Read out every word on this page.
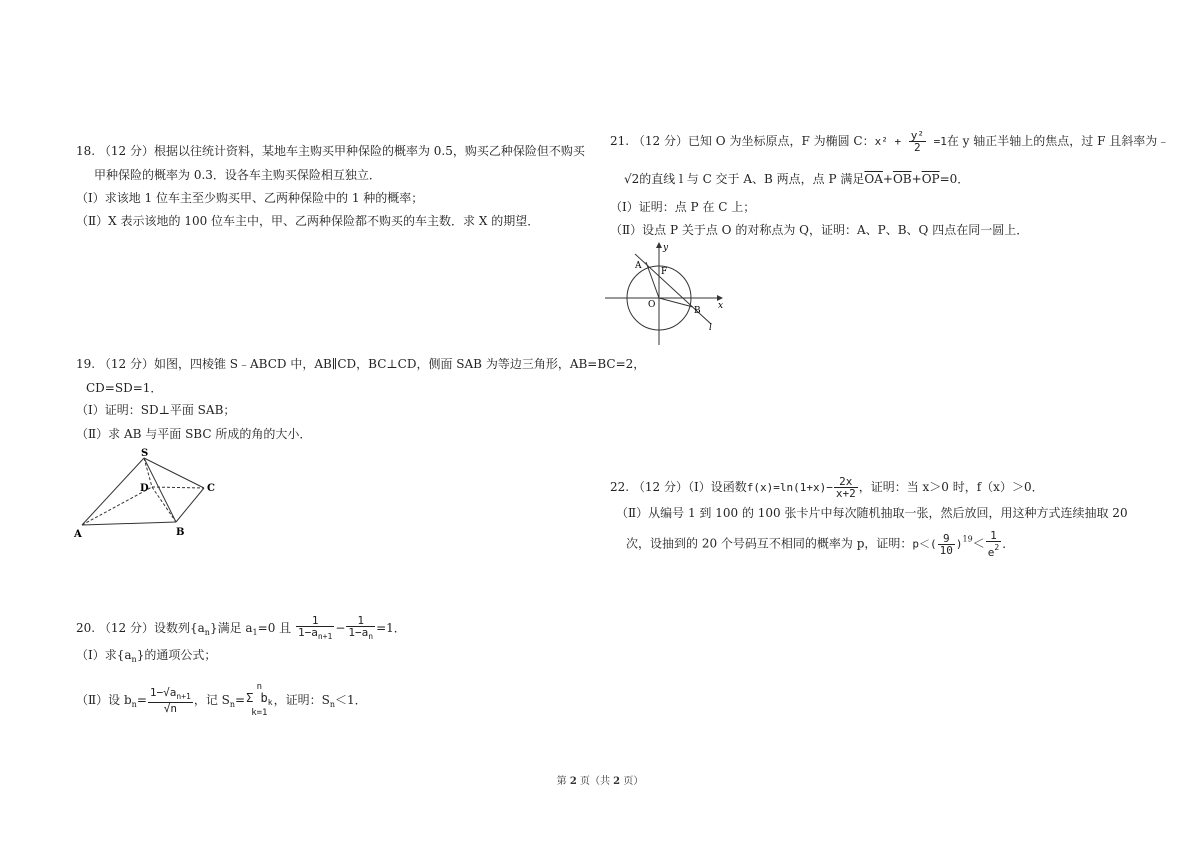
18. （12 分）根据以往统计资料，某地车主购买甲种保险的概率为 0.5，购买乙种保险但不购买
甲种保险的概率为 0.3．设各车主购买保险相互独立．
（Ⅰ）求该地 1 位车主至少购买甲、乙两种保险中的 1 种的概率；
（Ⅱ）X 表示该地的 100 位车主中，甲、乙两种保险都不购买的车主数．求 X 的期望．
19. （12 分）如图，四棱锥 S﹣ABCD 中，AB∥CD，BC⊥CD，侧面 SAB 为等边三角形，AB=BC=2，
CD=SD=1．
（Ⅰ）证明：SD⊥平面 SAB；
（Ⅱ）求 AB 与平面 SBC 所成的角的大小．
S
D	C
A	B
20. （12 分）设数列$\{a_n\}$满足 $a_1=0$ 且 $\frac{1}{1-a_{n+1}} - \frac{1}{1-a_n} =1$．
（Ⅰ）求$\{a_n\}$的通项公式；
（Ⅱ）设 $b_n= \frac{1-√a_{n+1}}{√n}$ ，记 $S_n=$
n
Σ $b_k$
k=1
，证明：$S_n<1$．
21. （12 分）已知 O 为坐标原点，F 为椭圆 C：$x^2 + \frac{\text{y²}}{2} =1$在 y 轴正半轴上的焦点，过 F 且斜率为﹣
√2的直线 l 与 C 交于 A、B 两点，点 P 满足$\overline{OA}+\overline{OB}+\overline{OP}=0$．
（Ⅰ）证明：点 P 在 C 上；
（Ⅱ）设点 P 关于点 O 的对称点为 Q，证明：A、P、B、Q 四点在同一圆上．
y
x
A
F
O
B
l
22. （12 分）（Ⅰ）设函数$f(x)=\ln(1+x)- \frac{2x}{x+2}$ ，证明：当 x＞0 时，f（x）＞0．
（Ⅱ）从编号 1 到 100 的 100 张卡片中每次随机抽取一张，然后放回，用这种方式连续抽取 20
次，设抽到的 20 个号码互不相同的概率为 p，证明：$p<( \frac{9}{10} )^{19}< \frac{1}{e^2}$ ．
第 2 页（共 2 页）
